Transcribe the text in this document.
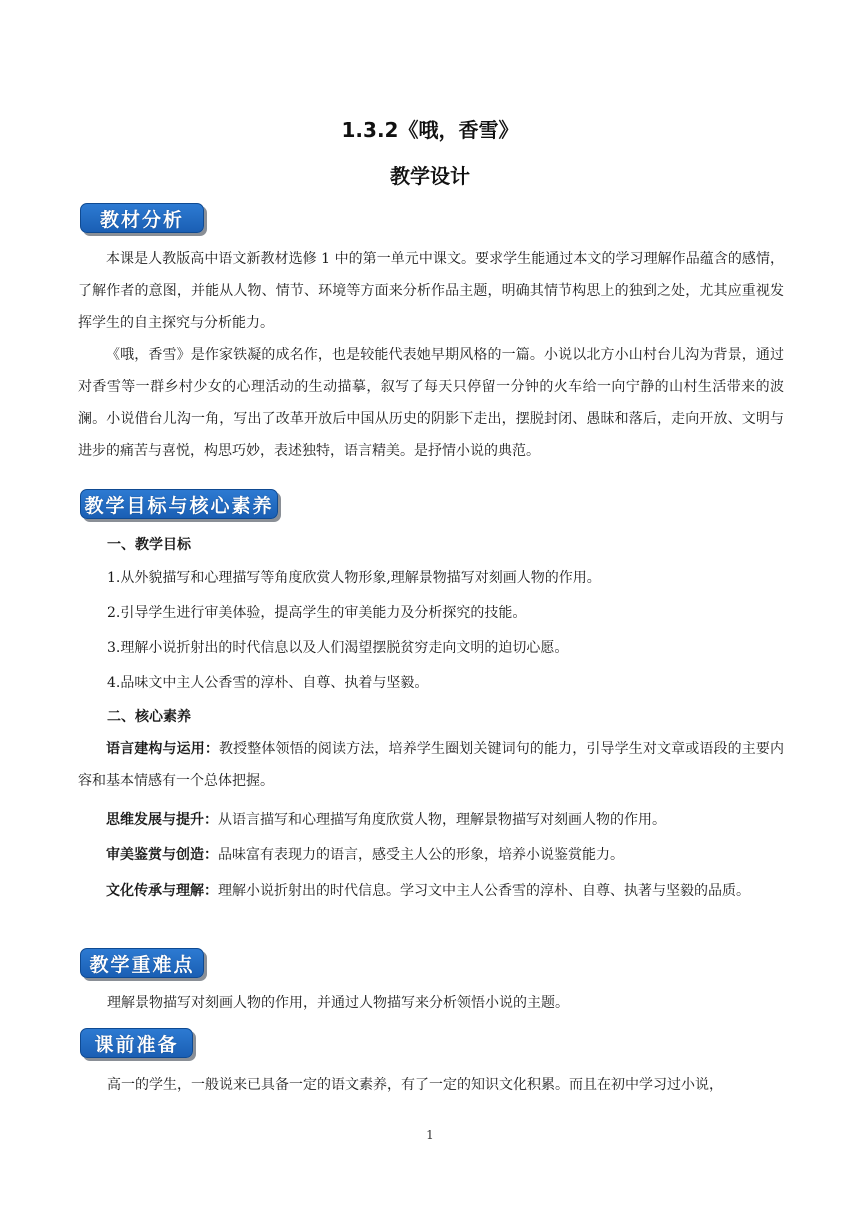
1.3.2《哦，香雪》
教学设计
教材分析

本课是人教版高中语文新教材选修 1 中的第一单元中课文。要求学生能通过本文的学习理解作品蕴含的感情，了解作者的意图，并能从人物、情节、环境等方面来分析作品主题，明确其情节构思上的独到之处，尤其应重视发挥学生的自主探究与分析能力。

《哦，香雪》是作家铁凝的成名作，也是较能代表她早期风格的一篇。小说以北方小山村台儿沟为背景，通过对香雪等一群乡村少女的心理活动的生动描摹，叙写了每天只停留一分钟的火车给一向宁静的山村生活带来的波澜。小说借台儿沟一角，写出了改革开放后中国从历史的阴影下走出，摆脱封闭、愚昧和落后，走向开放、文明与进步的痛苦与喜悦，构思巧妙，表述独特，语言精美。是抒情小说的典范。

教学目标与核心素养
一、教学目标

1.从外貌描写和心理描写等角度欣赏人物形象,理解景物描写对刻画人物的作用。

2.引导学生进行审美体验，提高学生的审美能力及分析探究的技能。

3.理解小说折射出的时代信息以及人们渴望摆脱贫穷走向文明的迫切心愿。

4.品味文中主人公香雪的淳朴、自尊、执着与坚毅。

二、核心素养

语言建构与运用：教授整体领悟的阅读方法，培养学生圈划关键词句的能力，引导学生对文章或语段的主要内容和基本情感有一个总体把握。

思维发展与提升：从语言描写和心理描写角度欣赏人物，理解景物描写对刻画人物的作用。

审美鉴赏与创造：品味富有表现力的语言，感受主人公的形象，培养小说鉴赏能力。

文化传承与理解：理解小说折射出的时代信息。学习文中主人公香雪的淳朴、自尊、执著与坚毅的品质。

教学重难点

理解景物描写对刻画人物的作用，并通过人物描写来分析领悟小说的主题。

课前准备

高一的学生，一般说来已具备一定的语文素养，有了一定的知识文化积累。而且在初中学习过小说，

1
